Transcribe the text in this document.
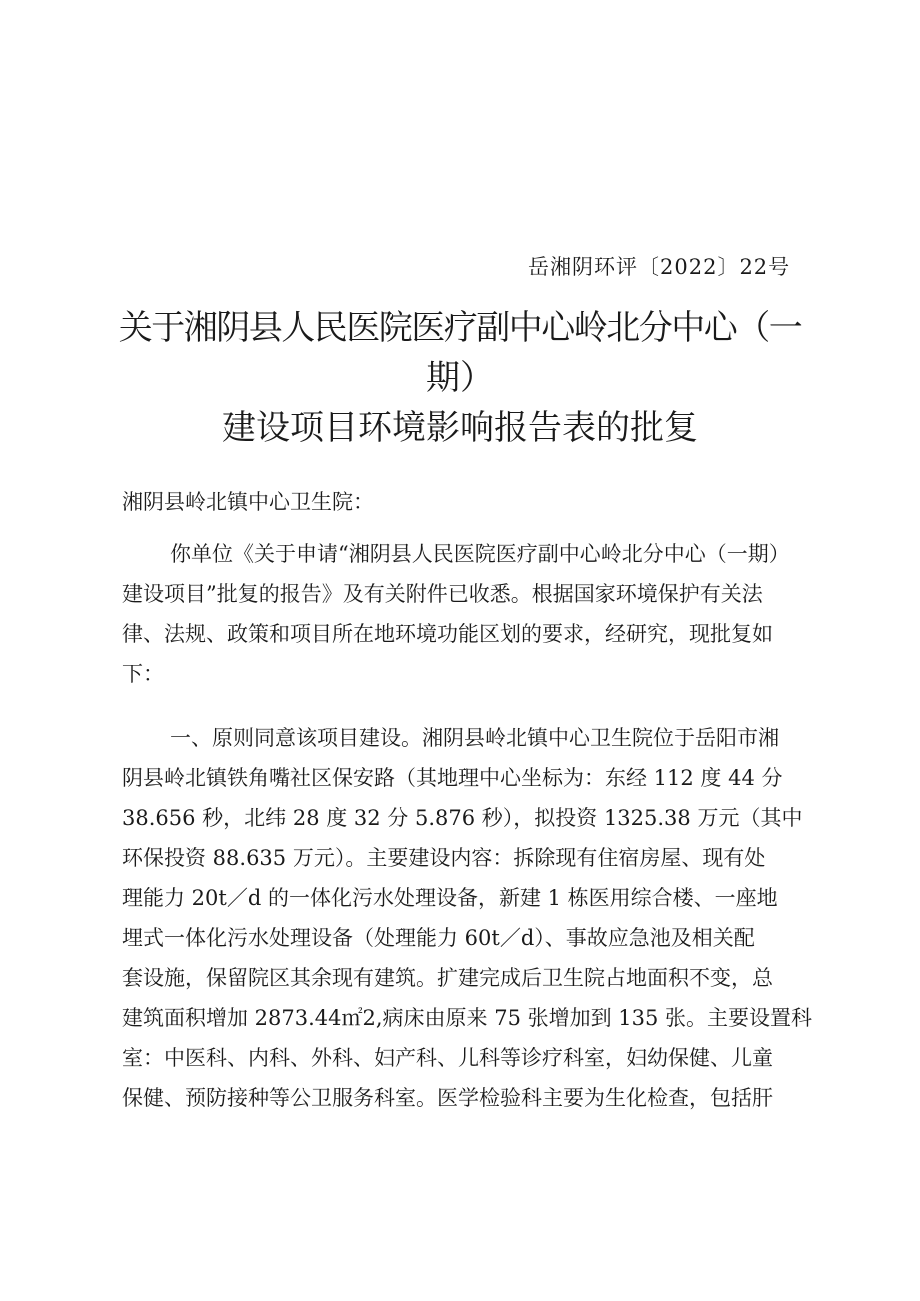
岳湘阴环评〔2022〕22号
关于湘阴县人民医院医疗副中心岭北分中心（一
期）
建设项目环境影响报告表的批复
湘阴县岭北镇中心卫生院：
你单位《关于申请“湘阴县人民医院医疗副中心岭北分中心（一期）
建设项目”批复的报告》及有关附件已收悉。根据国家环境保护有关法
律、法规、政策和项目所在地环境功能区划的要求，经研究，现批复如
下：
一、原则同意该项目建设。湘阴县岭北镇中心卫生院位于岳阳市湘
阴县岭北镇铁角嘴社区保安路（其地理中心坐标为：东经 112 度 44 分
38.656 秒，北纬 28 度 32 分 5.876 秒），拟投资 1325.38 万元（其中
环保投资 88.635 万元）。主要建设内容：拆除现有住宿房屋、现有处
理能力 20t／d 的一体化污水处理设备，新建 1 栋医用综合楼、一座地
埋式一体化污水处理设备（处理能力 60t／d）、事故应急池及相关配
套设施，保留院区其余现有建筑。扩建完成后卫生院占地面积不变，总
建筑面积增加 2873.44㎡2,病床由原来 75 张增加到 135 张。主要设置科
室：中医科、内科、外科、妇产科、儿科等诊疗科室，妇幼保健、儿童
保健、预防接种等公卫服务科室。医学检验科主要为生化检查，包括肝
